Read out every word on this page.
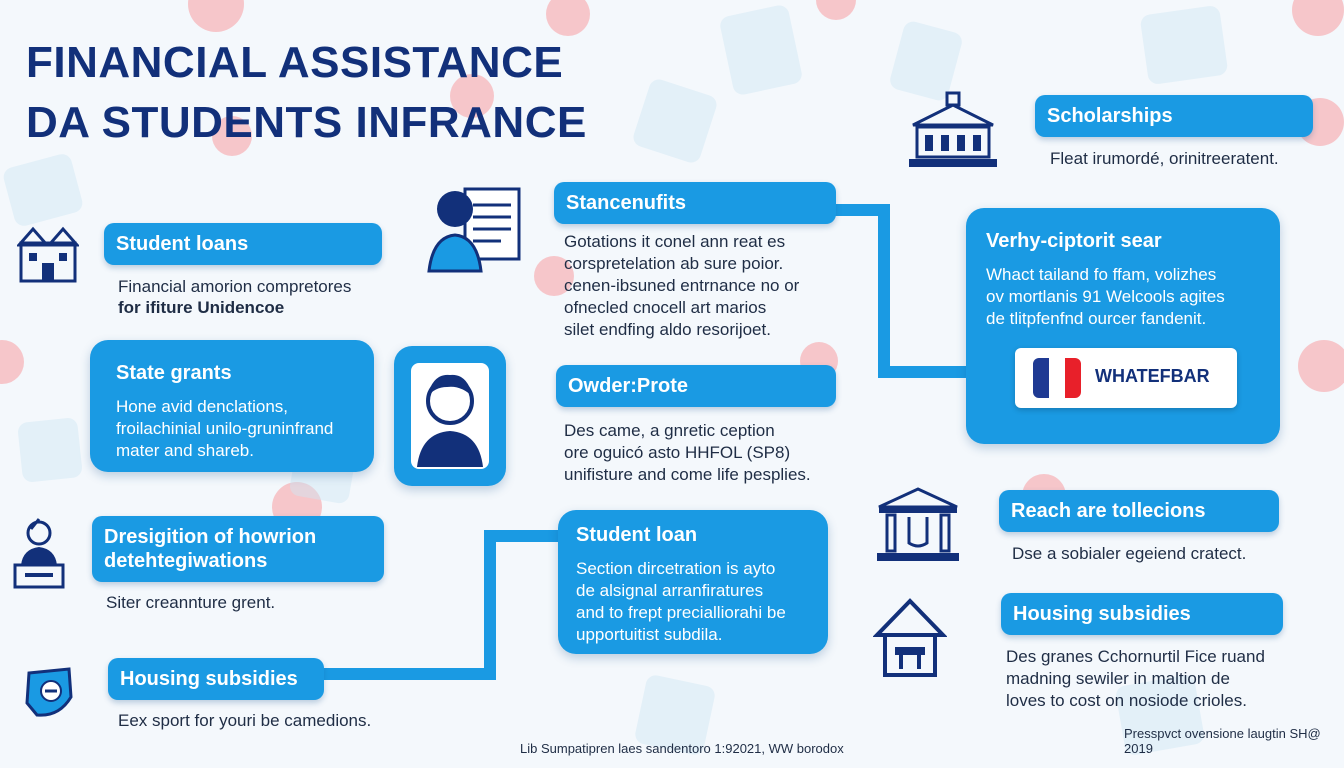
FINANCIAL ASSISTANCE
DA STUDENTS INFRANCE
Student loans

Financial amorion compretores

for ifiture Unidencoe

State grants

Hone avid denclations,

froilachinial unilo-gruninfrand

mater and shareb.

Dresigition of howrion
detehtegiwations

Siter creannture grent.

Housing subsidies

Eex sport for youri be camedions.

Stancenufits

Gotations it conel ann reat es

corspretelation ab sure poior.

cenen-ibsuned entrnance no or

ofnecled cnocell art marios

silet endfing aldo resorijoet.

Owder:Prote

Des came, a gnretic ception

ore oguicó asto HHFOL (SP8)

unifisture and come life pesplies.

Student loan

Section dircetration is ayto

de alsignal arranfiratures

and to frept precialliorahi be

upportuitist subdila.

Scholarships

Fleat irumordé, orinitreeratent.

Verhy-ciptorit sear

Whact tailand fo ffam, volizhes

ov mortlanis 91 Welcools agites

de tlitpfenfnd ourcer fandenit.

WHATEFBAR
Reach are tollecions

Dse a sobialer egeiend cratect.

Housing subsidies

Des granes Cchornurtil Fice ruand

madning sewiler in maltion de

loves to cost on nosiode crioles.

Lib Sumpatipren laes sandentoro 1:92021, WW borodox
Presspvct ovensione laugtin SH@ 2019
